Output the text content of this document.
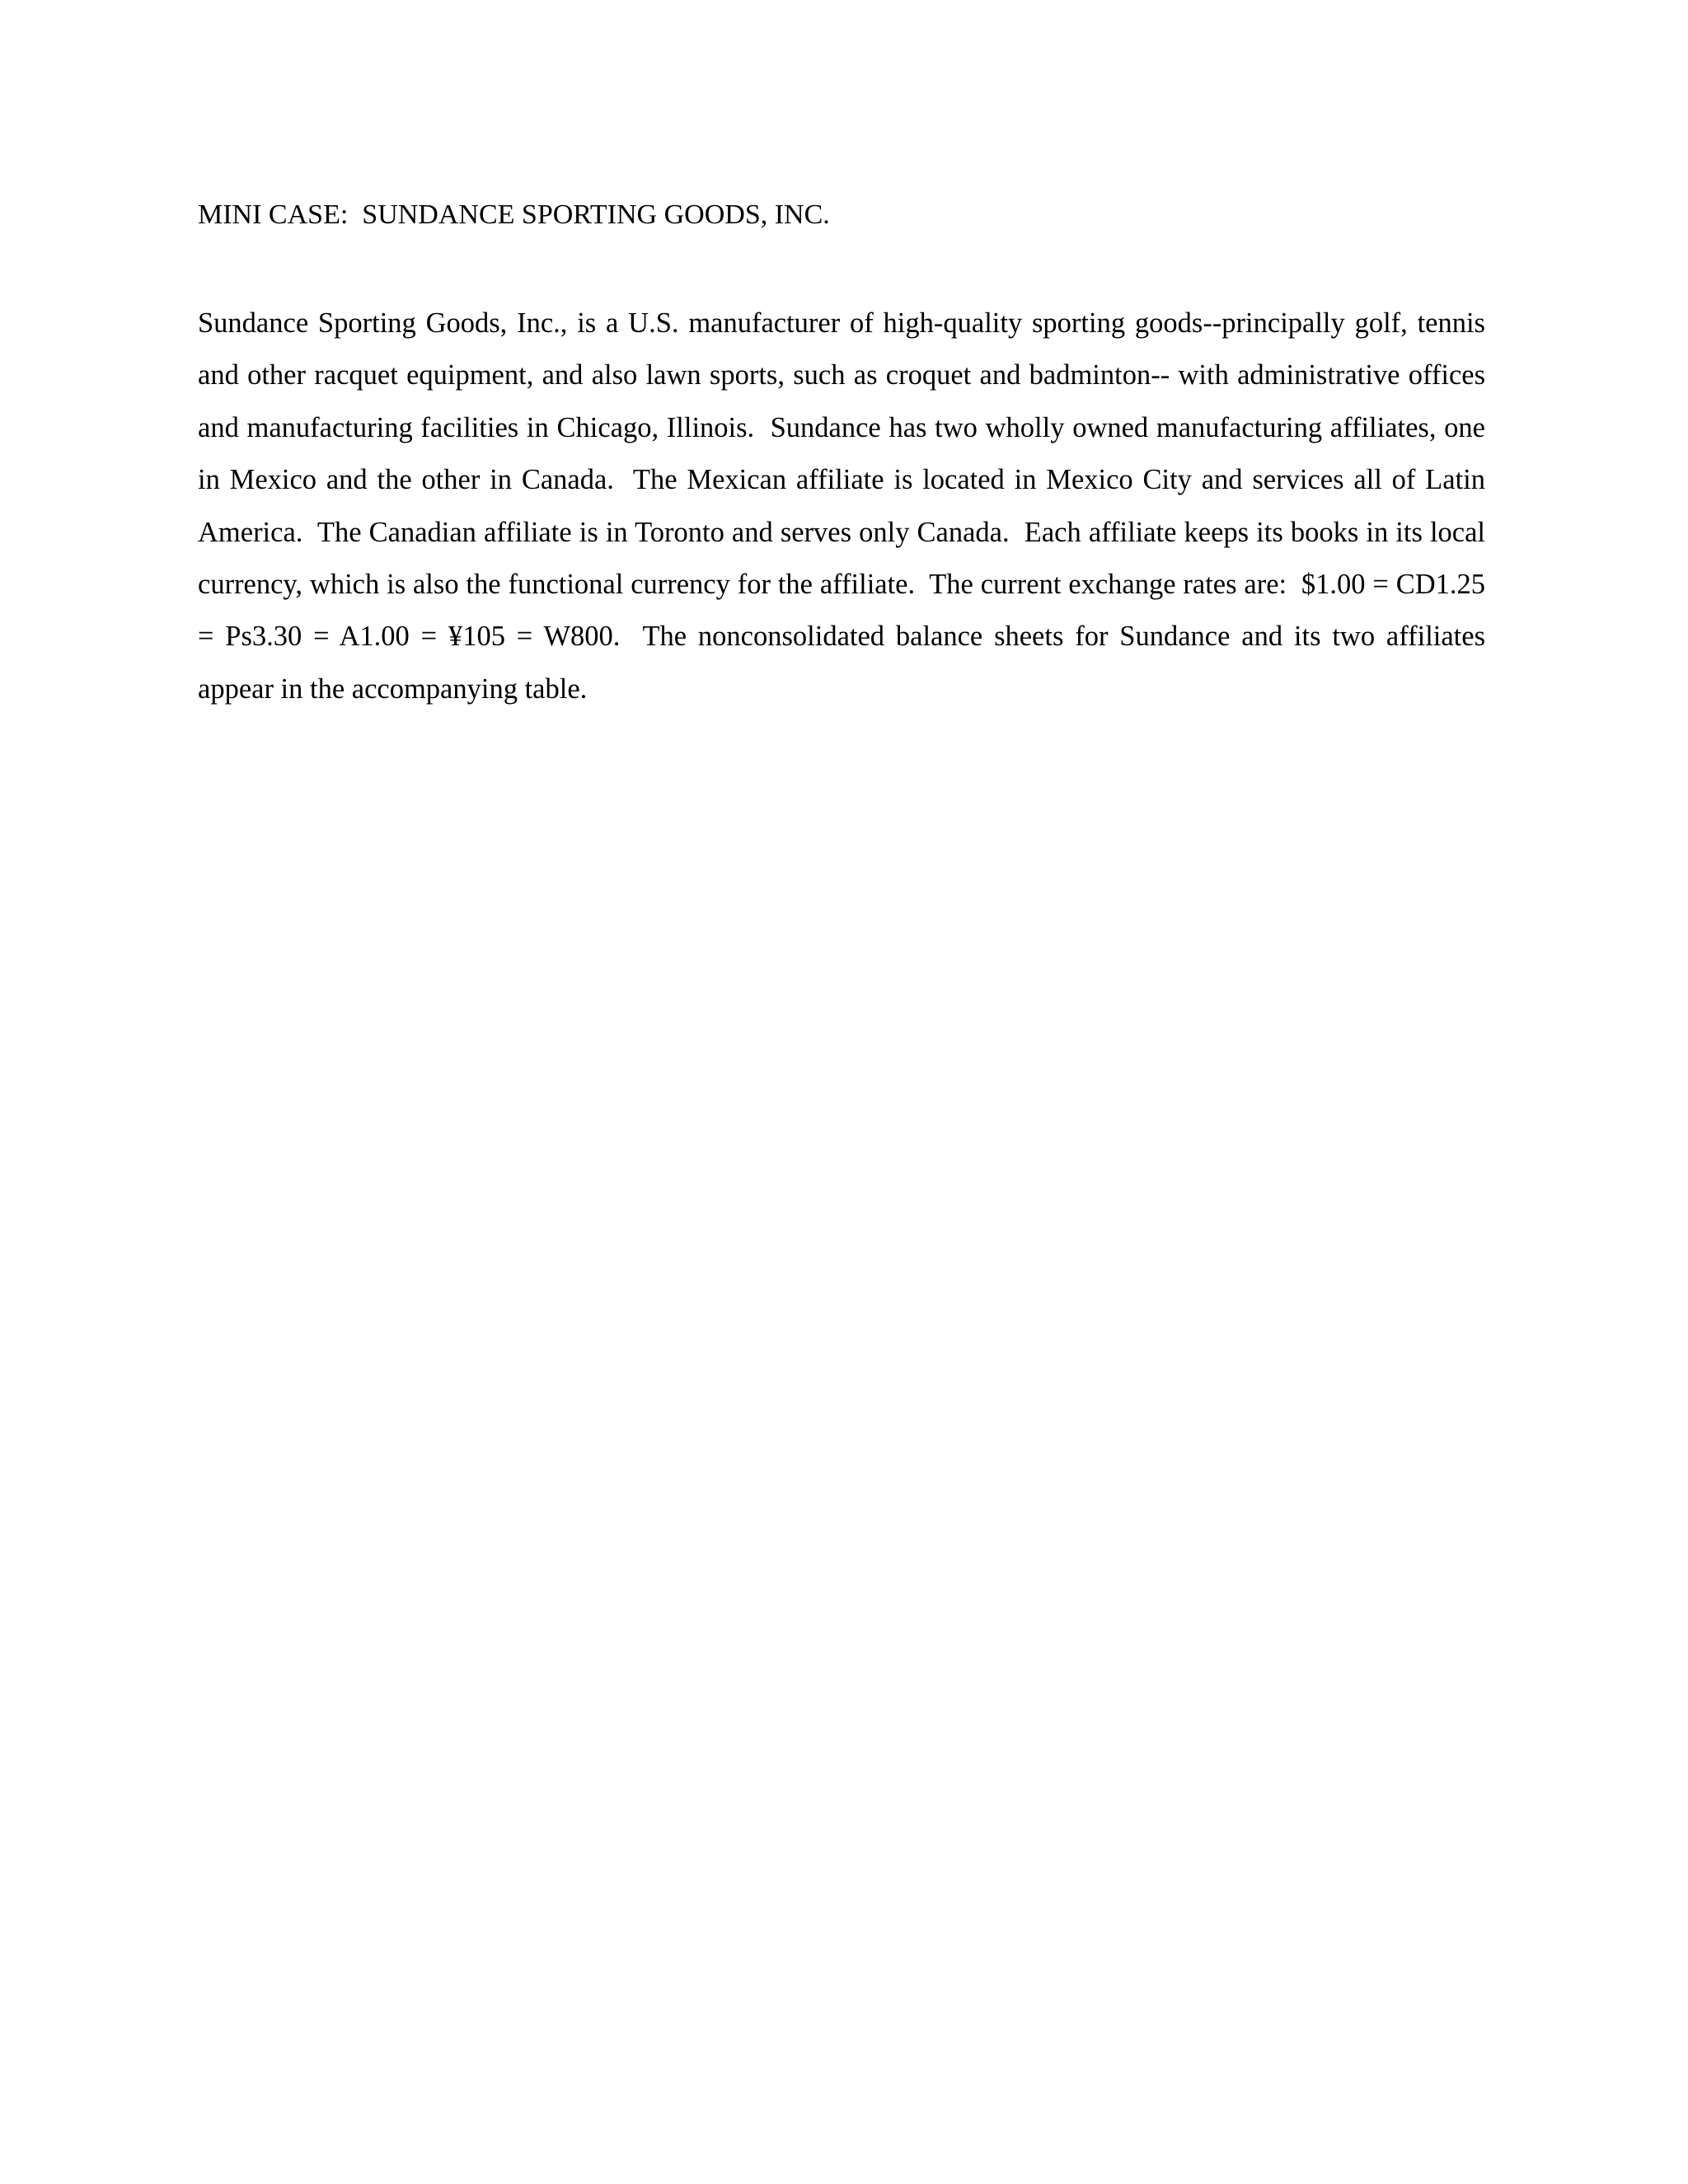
MINI CASE:  SUNDANCE SPORTING GOODS, INC.

Sundance Sporting Goods, Inc., is a U.S. manufacturer of high-quality sporting goods--principally golf, tennis and other racquet equipment, and also lawn sports, such as croquet and badminton-- with administrative offices and manufacturing facilities in Chicago, Illinois.  Sundance has two wholly owned manufacturing affiliates, one in Mexico and the other in Canada.  The Mexican affiliate is located in Mexico City and services all of Latin America.  The Canadian affiliate is in Toronto and serves only Canada.  Each affiliate keeps its books in its local currency, which is also the functional currency for the affiliate.  The current exchange rates are:  $1.00 = CD1.25 = Ps3.30 = A1.00 = ¥105 = W800.  The nonconsolidated balance sheets for Sundance and its two affiliates appear in the accompanying table.
